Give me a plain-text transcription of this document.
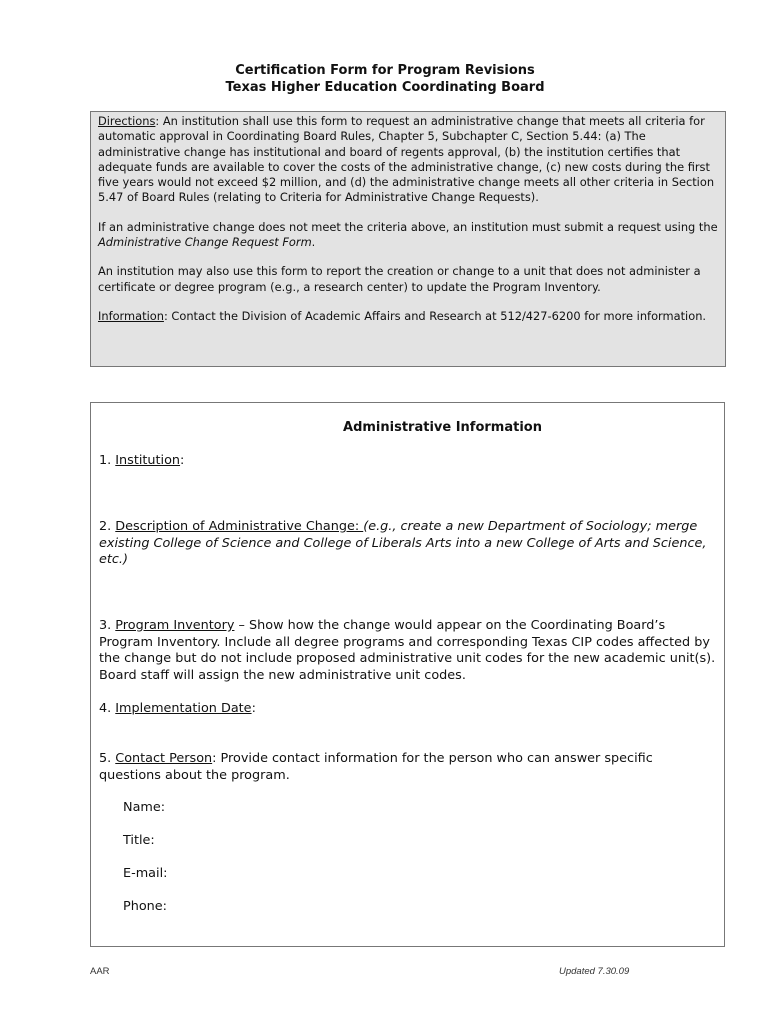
Certification Form for Program Revisions
Texas Higher Education Coordinating Board

Directions: An institution shall use this form to request an administrative change that meets all criteria for automatic approval in Coordinating Board Rules, Chapter 5, Subchapter C, Section 5.44: (a) The administrative change has institutional and board of regents approval, (b) the institution certifies that adequate funds are available to cover the costs of the administrative change, (c) new costs during the first five years would not exceed $2 million, and (d) the administrative change meets all other criteria in Section 5.47 of Board Rules (relating to Criteria for Administrative Change Requests).

If an administrative change does not meet the criteria above, an institution must submit a request using the Administrative Change Request Form.

An institution may also use this form to report the creation or change to a unit that does not administer a certificate or degree program (e.g., a research center) to update the Program Inventory.

Information: Contact the Division of Academic Affairs and Research at 512/427-6200 for more information.

Administrative Information
1. Institution:
2. Description of Administrative Change: (e.g., create a new Department of Sociology; merge existing College of Science and College of Liberals Arts into a new College of Arts and Science, etc.)
3. Program Inventory – Show how the change would appear on the Coordinating Board’s Program Inventory. Include all degree programs and corresponding Texas CIP codes affected by the change but do not include proposed administrative unit codes for the new academic unit(s). Board staff will assign the new administrative unit codes.
4. Implementation Date:
5. Contact Person: Provide contact information for the person who can answer specific questions about the program.
Name:
Title:
E-mail:
Phone:
AAR	Updated 7.30.09
